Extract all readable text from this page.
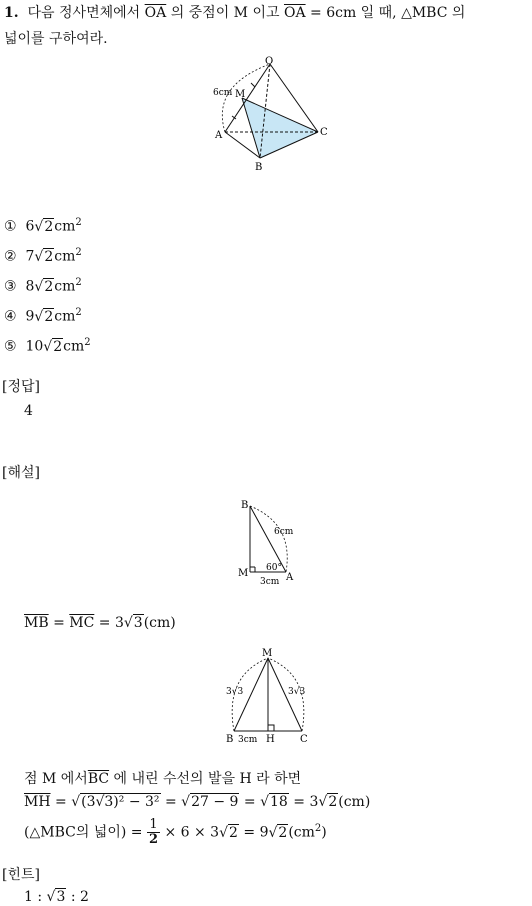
1. 다음 정사면체에서 $\overline{OA}$ 의 중점이 M 이고 $\overline{OA} = 6cm$ 일 때, △MBC 의
넓이를 구하여라.
O
M
A
B
C
6cm
① $6√2cm^2$
② $7√2cm^2$
③ $8√2cm^2$
④ $9√2cm^2$
⑤ $10√2cm^2$
[정답]
4
[해설]
B
M	A
6cm
3cm
60°
$\overline{MB} = \overline{MC} = 3√3(cm)$
M
B	H	C
3√3	3√3
3cm
점 M 에서$\overline{BC}$ 에 내린 수선의 발을 H 라 하면
$\overline{MH} = √(3√3)^2 - 3^2 = √27 - 9 = √18 = 3√2(cm)$
(△MBC의 넓이) = $\frac{1}{2} \times 6 \times 3√2 = 9√2(cm^2)$
[힌트]
1 : √3 : 2
